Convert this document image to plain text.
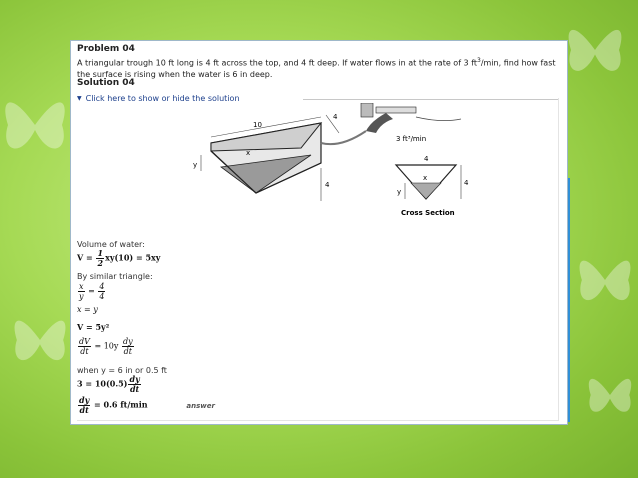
Problem 04
A triangular trough 10 ft long is 4 ft across the top, and 4 ft deep. If water flows in at the rate of 3 $ft^3/\min$, find how fast the surface is rising when the water is 6 in deep.
Solution 04
▼ Click here to show or hide the solution
10
4
4
x
y
3 ft³/min
4
x
y
4
Cross Section
Volume of water:
$V = \frac{1}{2} xy(10) = 5xy$
By similar triangle:
$\frac{x}{y} = \frac{4}{4}$
x = y
V = 5y²
$\frac{dV}{dt} = 10y \frac{dy}{dt}$
when y = 6 in or 0.5 ft
$3 = 10(0.5) \frac{dy}{dt}$
$\frac{dy}{dt} = 0.6$ ft/min	answer
